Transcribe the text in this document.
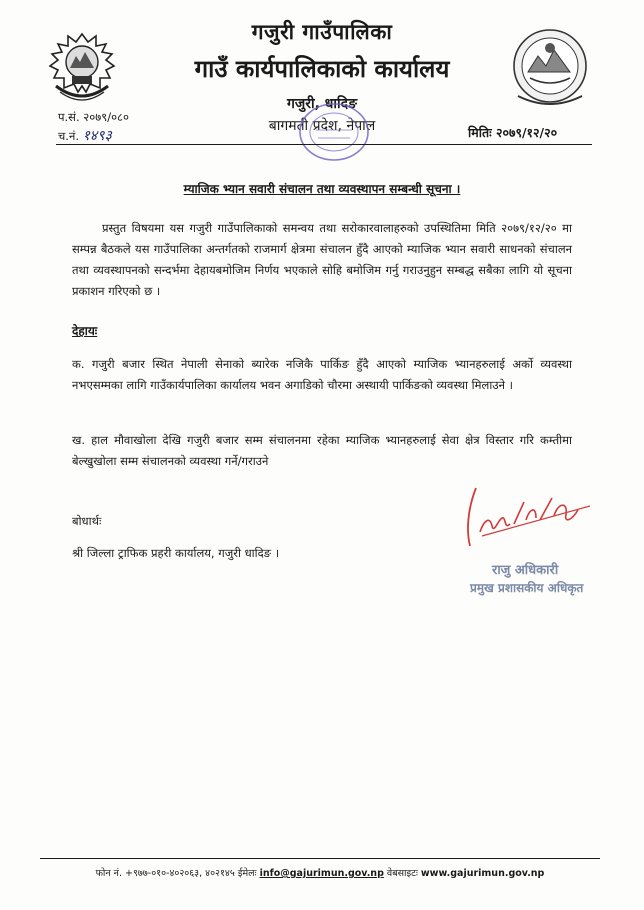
गजुरी गाउँपालिका
गाउँ कार्यपालिकाको कार्यालय
गजुरी, धादिङ
बागमती प्रदेश, नेपाल
प.सं. २०७९/०८०
च.नं. १४९३	मितिः २०७९/१२/२०
म्याजिक भ्यान सवारी संचालन तथा व्यवस्थापन सम्बन्धी सूचना ।
प्रस्तुत विषयमा यस गजुरी गाउँपालिकाको समन्वय तथा सरोकारवालाहरुको उपस्थितिमा मिति २०७९/१२/२० मा सम्पन्न बैठकले यस गाउँपालिका अन्तर्गतको राजमार्ग क्षेत्रमा संचालन हुँदै आएको म्याजिक भ्यान सवारी साधनको संचालन तथा व्यवस्थापनको सन्दर्भमा देहायबमोजिम निर्णय भएकाले सोहि बमोजिम गर्नु गराउनुहुन सम्बद्ध सबैका लागि यो सूचना प्रकाशन गरिएको छ ।
देहायः
क. गजुरी बजार स्थित नेपाली सेनाको ब्यारेक नजिकै पार्किङ हुँदै आएको म्याजिक भ्यानहरुलाई अर्को व्यवस्था नभएसम्मका लागि गाउँकार्यपालिका कार्यालय भवन अगाडिको चौरमा अस्थायी पार्किङको व्यवस्था मिलाउने ।
ख. हाल मौवाखोला देखि गजुरी बजार सम्म संचालनमा रहेका म्याजिक भ्यानहरुलाई सेवा क्षेत्र विस्तार गरि कम्तीमा बेल्खुखोला सम्म संचालनको व्यवस्था गर्ने/गराउने
बोधार्थः
श्री जिल्ला ट्राफिक प्रहरी कार्यालय, गजुरी धादिङ ।
राजु अधिकारी
प्रमुख प्रशासकीय अधिकृत
फोन नं. +९७७-०१०-४०२०६३, ४०२१४५ ईमेलः info@gajurimun.gov.np वेबसाइटः www.gajurimun.gov.np
